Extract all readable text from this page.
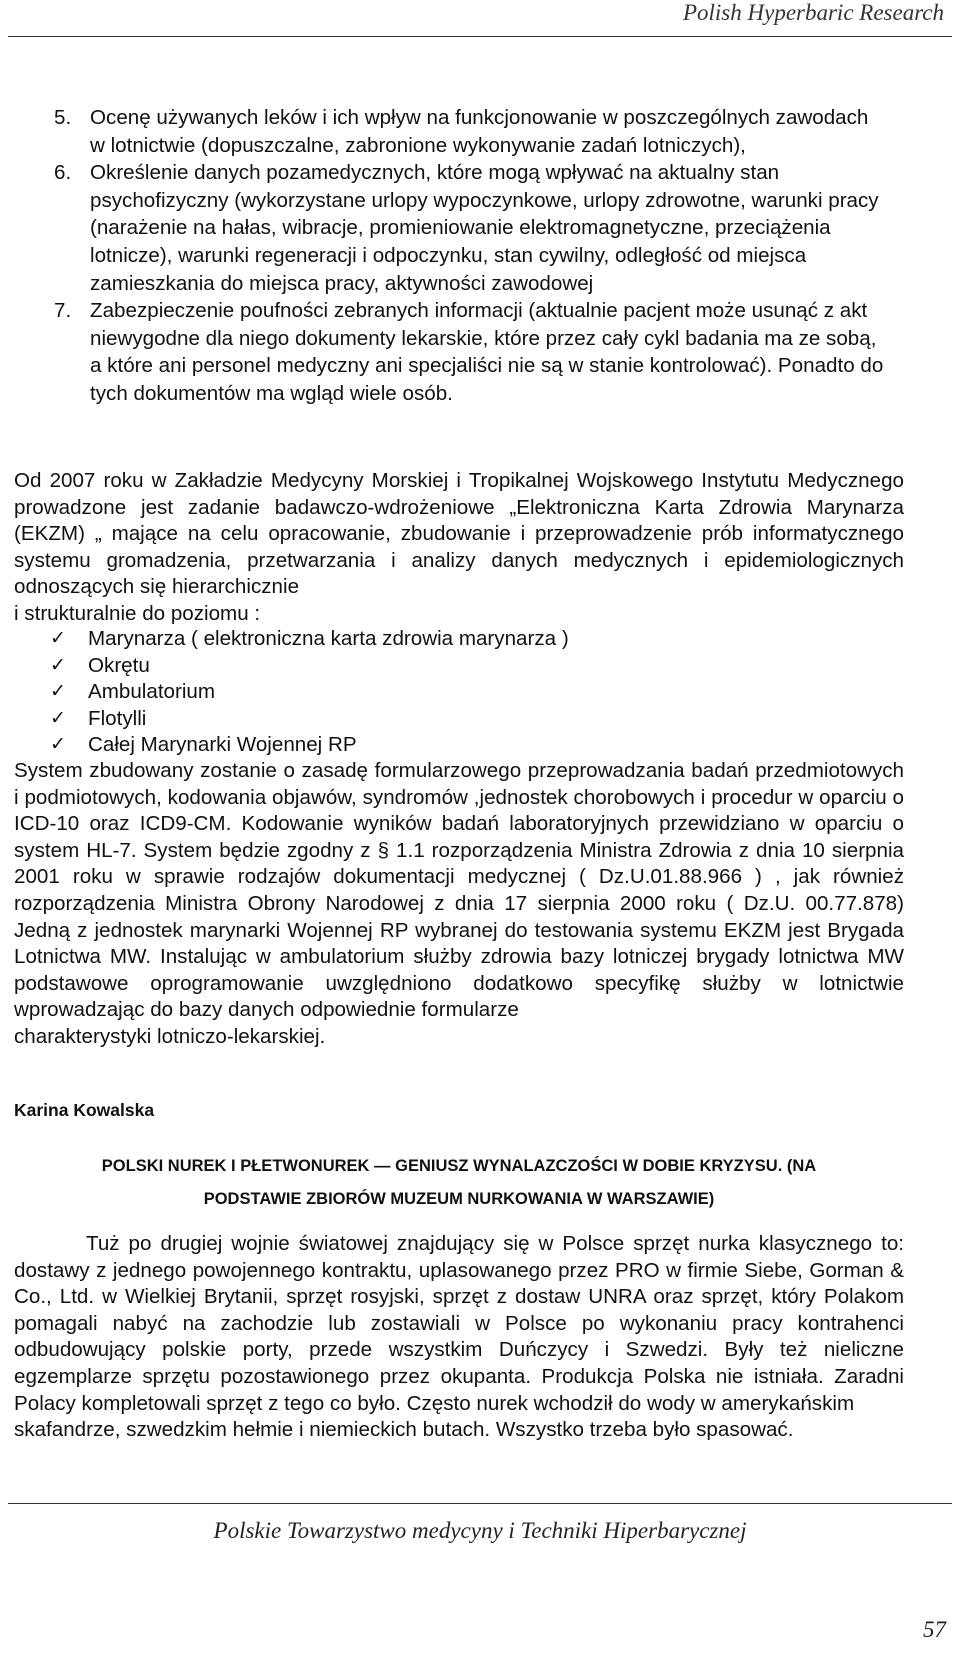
Polish Hyperbaric Research
5. Ocenę używanych leków i ich wpływ na funkcjonowanie w poszczególnych zawodach w lotnictwie (dopuszczalne, zabronione wykonywanie zadań lotniczych),
6. Określenie danych pozamedycznych, które mogą wpływać na aktualny stan psychofizyczny (wykorzystane urlopy wypoczynkowe, urlopy zdrowotne, warunki pracy (narażenie na hałas, wibracje, promieniowanie elektromagnetyczne, przeciążenia lotnicze), warunki regeneracji i odpoczynku, stan cywilny, odległość od miejsca zamieszkania do miejsca pracy, aktywności zawodowej
7. Zabezpieczenie poufności zebranych informacji (aktualnie pacjent może usunąć z akt niewygodne dla niego dokumenty lekarskie, które przez cały cykl badania ma ze sobą, a które ani personel medyczny ani specjaliści nie są w stanie kontrolować). Ponadto do tych dokumentów ma wgląd wiele osób.
Od 2007 roku w Zakładzie Medycyny Morskiej i Tropikalnej Wojskowego Instytutu Medycznego prowadzone jest zadanie badawczo-wdrożeniowe „Elektroniczna Karta Zdrowia Marynarza (EKZM) „ mające na celu opracowanie, zbudowanie i przeprowadzenie prób informatycznego systemu gromadzenia, przetwarzania i analizy danych medycznych i epidemiologicznych odnoszących się hierarchicznie
i strukturalnie do poziomu :
✓	Marynarza ( elektroniczna karta zdrowia marynarza )
✓	Okrętu
✓	Ambulatorium
✓	Flotylli
✓	Całej Marynarki Wojennej RP
System zbudowany zostanie o zasadę formularzowego przeprowadzania badań przedmiotowych i podmiotowych, kodowania objawów, syndromów ,jednostek chorobowych i procedur w oparciu o ICD-10 oraz ICD9-CM. Kodowanie wyników badań laboratoryjnych przewidziano w oparciu o system HL-7. System będzie zgodny z § 1.1 rozporządzenia Ministra Zdrowia z dnia 10 sierpnia 2001 roku w sprawie rodzajów dokumentacji medycznej ( Dz.U.01.88.966 ) , jak również rozporządzenia Ministra Obrony Narodowej z dnia 17 sierpnia 2000 roku ( Dz.U. 00.77.878) Jedną z jednostek marynarki Wojennej RP wybranej do testowania systemu EKZM jest Brygada Lotnictwa MW. Instalując w ambulatorium służby zdrowia bazy lotniczej brygady lotnictwa MW podstawowe oprogramowanie uwzględniono dodatkowo specyfikę służby w lotnictwie wprowadzając do bazy danych odpowiednie formularze
charakterystyki lotniczo-lekarskiej.
Karina Kowalska
POLSKI NUREK I PŁETWONUREK — GENIUSZ WYNALAZCZOŚCI W DOBIE KRYZYSU. (NA
PODSTAWIE ZBIORÓW MUZEUM NURKOWANIA W WARSZAWIE)
Tuż po drugiej wojnie światowej znajdujący się w Polsce sprzęt nurka klasycznego to: dostawy z jednego powojennego kontraktu, uplasowanego przez PRO w firmie Siebe, Gorman & Co., Ltd. w Wielkiej Brytanii, sprzęt rosyjski, sprzęt z dostaw UNRA oraz sprzęt, który Polakom pomagali nabyć na zachodzie lub zostawiali w Polsce po wykonaniu pracy kontrahenci odbudowujący polskie porty, przede wszystkim Duńczycy i Szwedzi. Były też nieliczne egzemplarze sprzętu pozostawionego przez okupanta. Produkcja Polska nie istniała. Zaradni Polacy kompletowali sprzęt z tego co było. Często nurek wchodził do wody w amerykańskim
skafandrze, szwedzkim hełmie i niemieckich butach. Wszystko trzeba było spasować.
Polskie Towarzystwo medycyny i Techniki Hiperbarycznej
57
